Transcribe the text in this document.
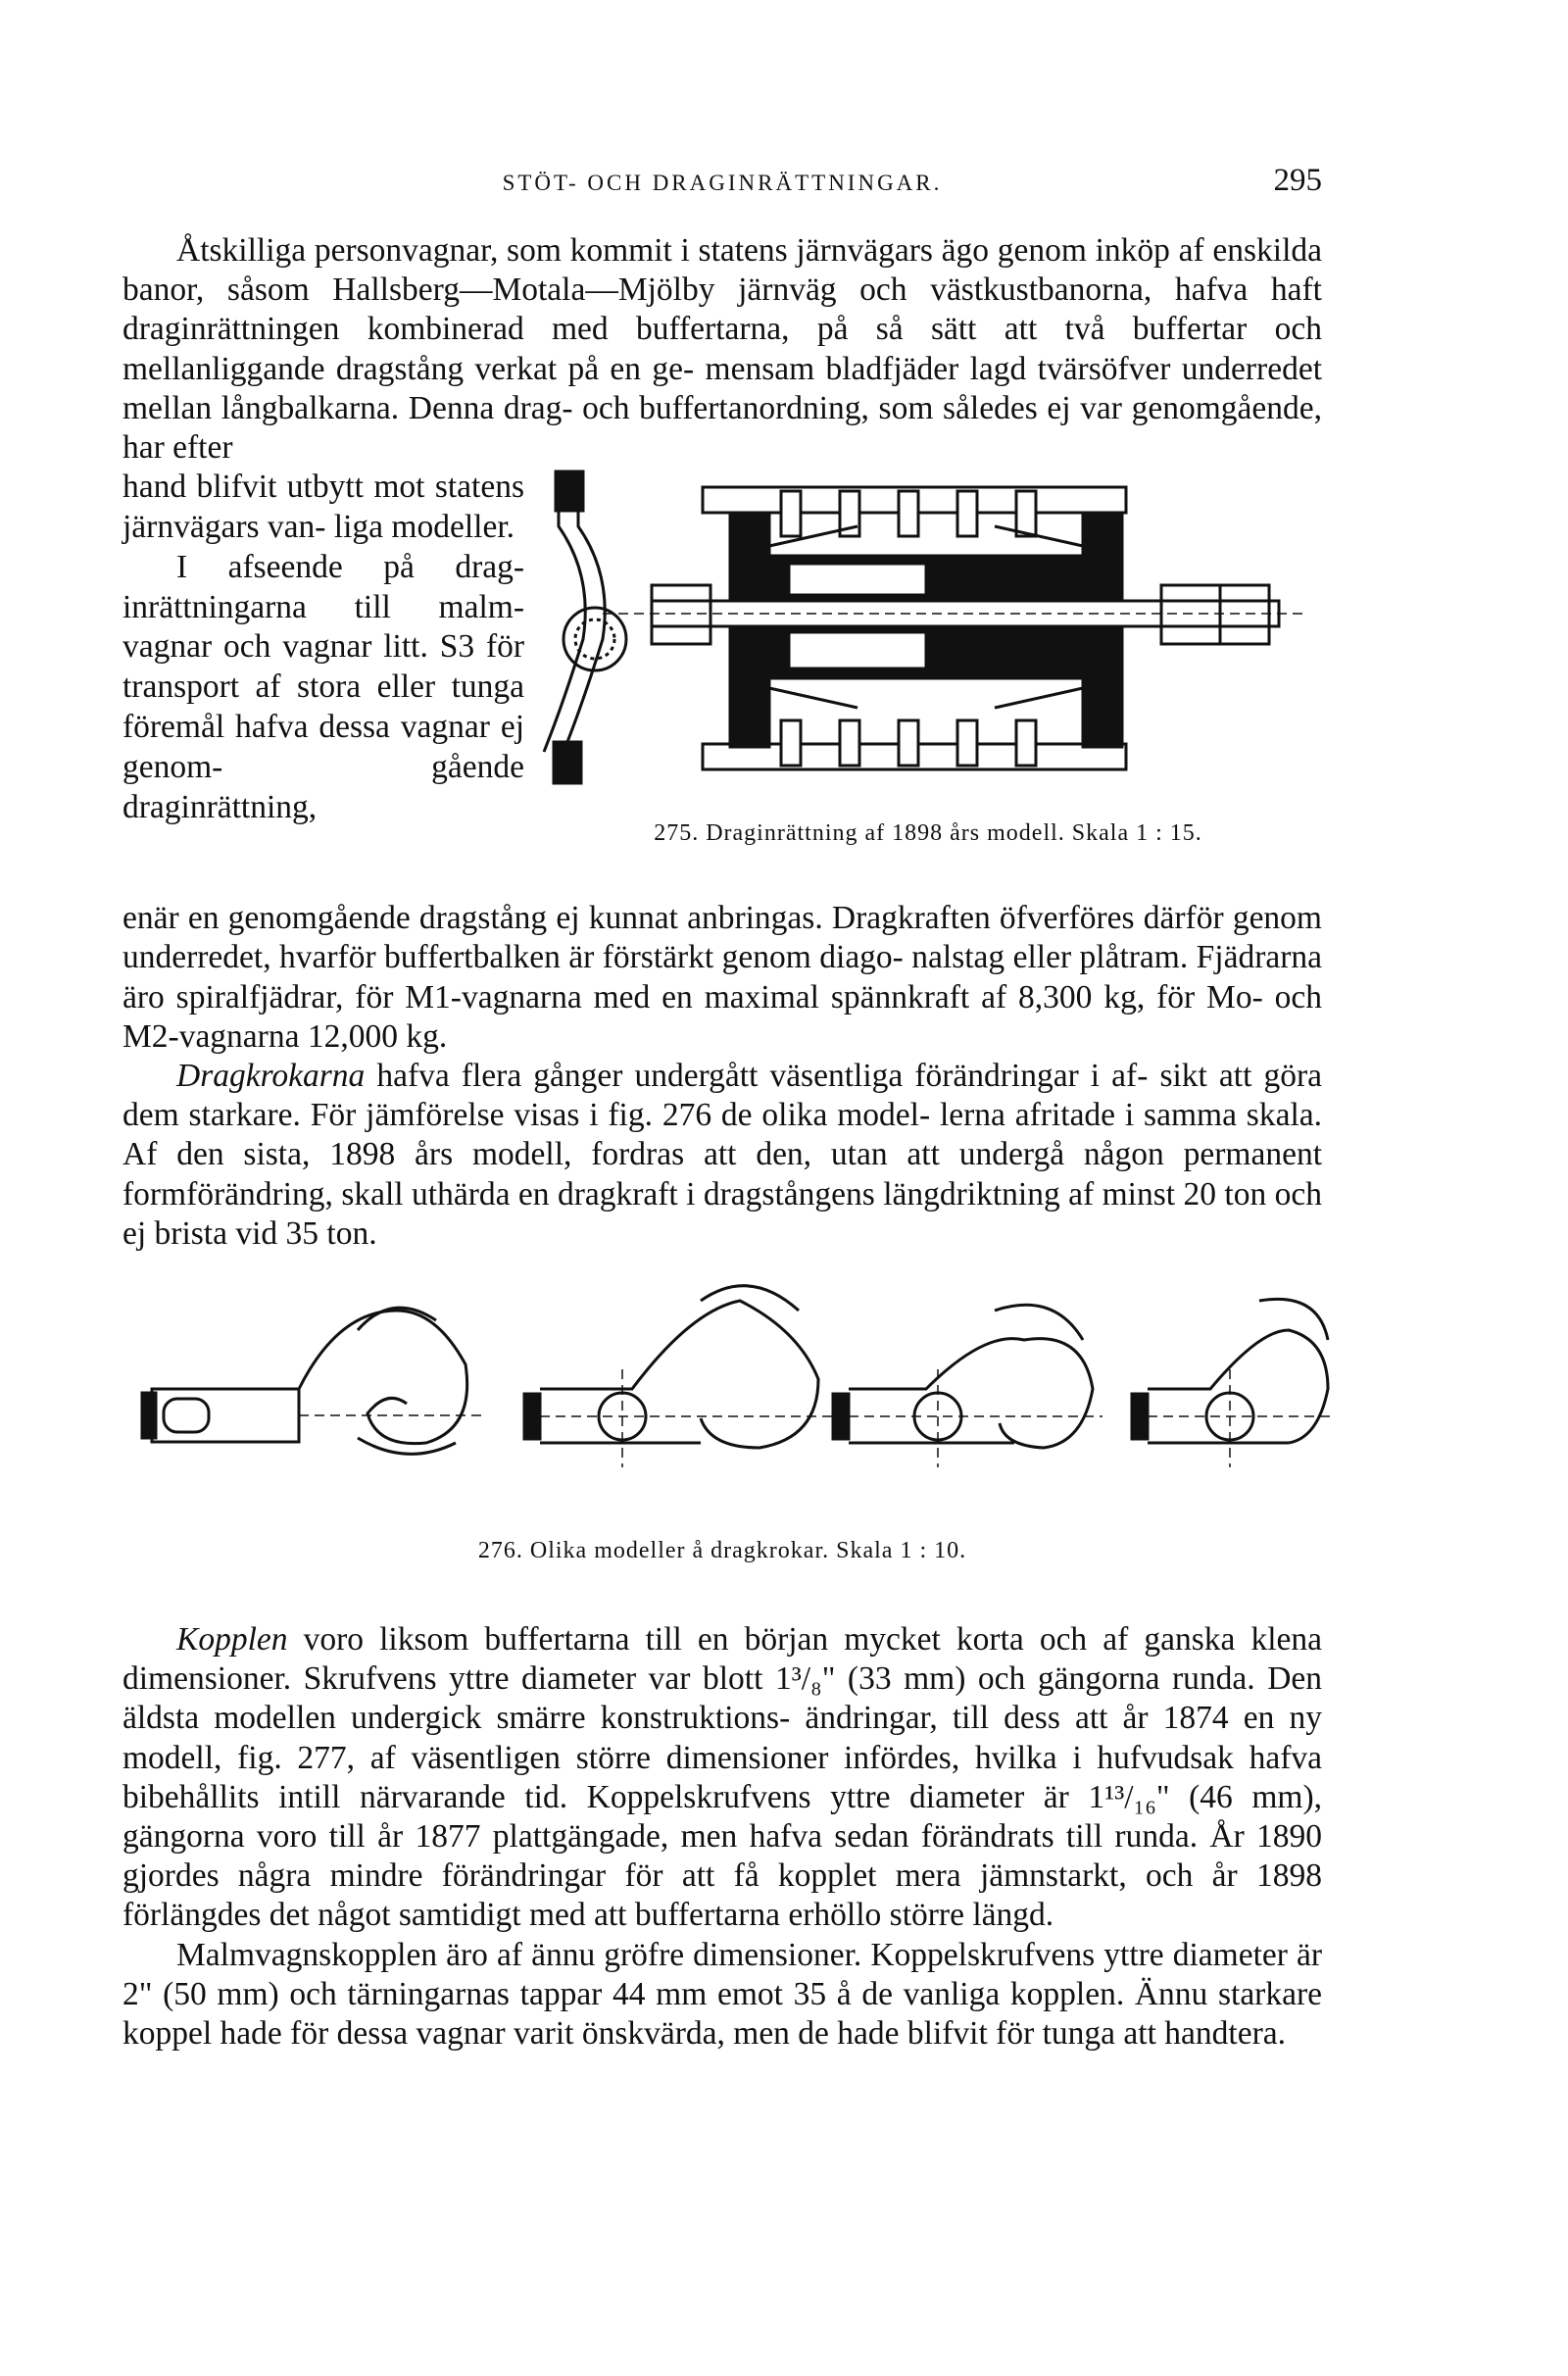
STÖT- OCH DRAGINRÄTTNINGAR.	295

Åtskilliga personvagnar, som kommit i statens järnvägars ägo genom inköp af enskilda banor, såsom Hallsberg—Motala—Mjölby järnväg och västkustbanorna, hafva haft draginrättningen kombinerad med buffertarna, på så sätt att två buffertar och mellanliggande dragstång verkat på en ge- mensam bladfjäder lagd tvärsöfver underredet mellan långbalkarna. Denna drag- och buffertanordning, som således ej var genomgående, har efter

hand blifvit utbytt mot statens järnvägars van- liga modeller.

I afseende på drag- inrättningarna till malm- vagnar och vagnar litt. S3 för transport af stora eller tunga föremål hafva dessa vagnar ej genom-	gående draginrättning,

275. Draginrättning af 1898 års modell. Skala 1 : 15.

enär en genomgående dragstång ej kunnat anbringas. Dragkraften öfverföres därför genom underredet, hvarför buffertbalken är förstärkt genom diago- nalstag eller plåtram. Fjädrarna äro spiralfjädrar, för M1-vagnarna med en maximal spännkraft af 8,300 kg, för Mo- och M2-vagnarna 12,000 kg.

Dragkrokarna hafva flera gånger undergått väsentliga förändringar i af- sikt att göra dem starkare. För jämförelse visas i fig. 276 de olika model- lerna afritade i samma skala. Af den sista, 1898 års modell, fordras att den, utan att undergå någon permanent formförändring, skall uthärda en dragkraft i dragstångens längdriktning af minst 20 ton och ej brista vid 35 ton.

276. Olika modeller å dragkrokar. Skala 1 : 10.

Kopplen voro liksom buffertarna till en början mycket korta och af ganska klena dimensioner. Skrufvens yttre diameter var blott 1³/₈" (33 mm) och gängorna runda. Den äldsta modellen undergick smärre konstruktions- ändringar, till dess att år 1874 en ny modell, fig. 277, af väsentligen större dimensioner infördes, hvilka i hufvudsak hafva bibehållits intill närvarande tid. Koppelskrufvens yttre diameter är 1¹³/₁₆" (46 mm), gängorna voro till år 1877 plattgängade, men hafva sedan förändrats till runda. År 1890 gjordes några mindre förändringar för att få kopplet mera jämnstarkt, och år 1898 förlängdes det något samtidigt med att buffertarna erhöllo större längd.

Malmvagnskopplen äro af ännu gröfre dimensioner. Koppelskrufvens yttre diameter är 2" (50 mm) och tärningarnas tappar 44 mm emot 35 å de vanliga kopplen. Ännu starkare koppel hade för dessa vagnar varit önskvärda, men de hade blifvit för tunga att handtera.
